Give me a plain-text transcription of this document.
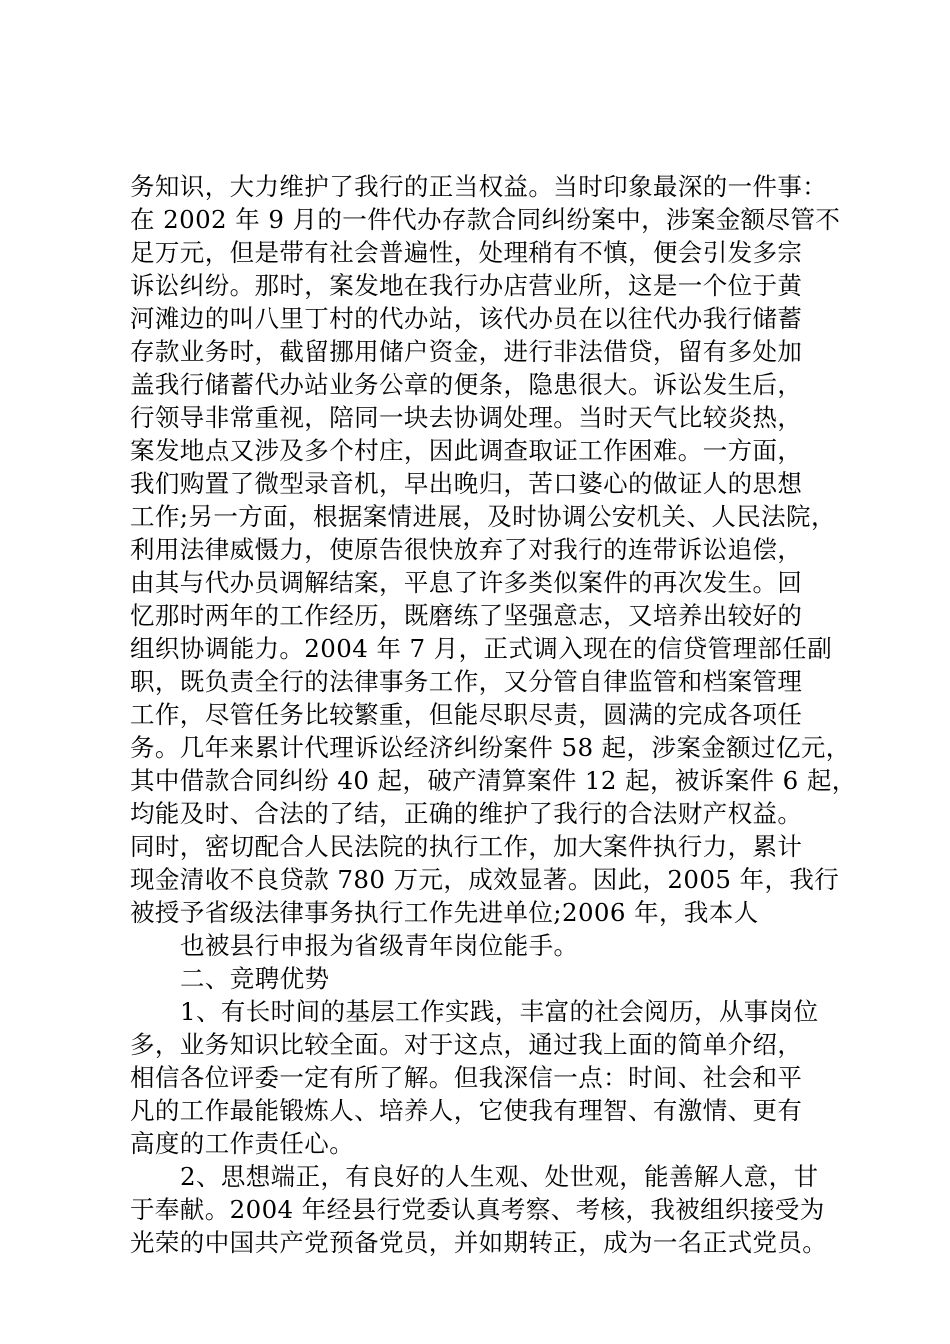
务知识，大力维护了我行的正当权益。当时印象最深的一件事：
在 2002 年 9 月的一件代办存款合同纠纷案中，涉案金额尽管不
足万元，但是带有社会普遍性，处理稍有不慎，便会引发多宗
诉讼纠纷。那时，案发地在我行办店营业所，这是一个位于黄
河滩边的叫八里丁村的代办站，该代办员在以往代办我行储蓄
存款业务时，截留挪用储户资金，进行非法借贷，留有多处加
盖我行储蓄代办站业务公章的便条，隐患很大。诉讼发生后，
行领导非常重视，陪同一块去协调处理。当时天气比较炎热，
案发地点又涉及多个村庄，因此调查取证工作困难。一方面，
我们购置了微型录音机，早出晚归，苦口婆心的做证人的思想
工作;另一方面，根据案情进展，及时协调公安机关、人民法院，
利用法律威慑力，使原告很快放弃了对我行的连带诉讼追偿，
由其与代办员调解结案，平息了许多类似案件的再次发生。回
忆那时两年的工作经历，既磨练了坚强意志，又培养出较好的
组织协调能力。2004 年 7 月，正式调入现在的信贷管理部任副
职，既负责全行的法律事务工作，又分管自律监管和档案管理
工作，尽管任务比较繁重，但能尽职尽责，圆满的完成各项任
务。几年来累计代理诉讼经济纠纷案件 58 起，涉案金额过亿元，
其中借款合同纠纷 40 起，破产清算案件 12 起，被诉案件 6 起，
均能及时、合法的了结，正确的维护了我行的合法财产权益。
同时，密切配合人民法院的执行工作，加大案件执行力，累计
现金清收不良贷款 780 万元，成效显著。因此，2005 年，我行
被授予省级法律事务执行工作先进单位;2006 年，我本人
也被县行申报为省级青年岗位能手。
二、竞聘优势
1、有长时间的基层工作实践，丰富的社会阅历，从事岗位
多，业务知识比较全面。对于这点，通过我上面的简单介绍，
相信各位评委一定有所了解。但我深信一点：时间、社会和平
凡的工作最能锻炼人、培养人，它使我有理智、有激情、更有
高度的工作责任心。
2、思想端正，有良好的人生观、处世观，能善解人意，甘
于奉献。2004 年经县行党委认真考察、考核，我被组织接受为
光荣的中国共产党预备党员，并如期转正，成为一名正式党员。
